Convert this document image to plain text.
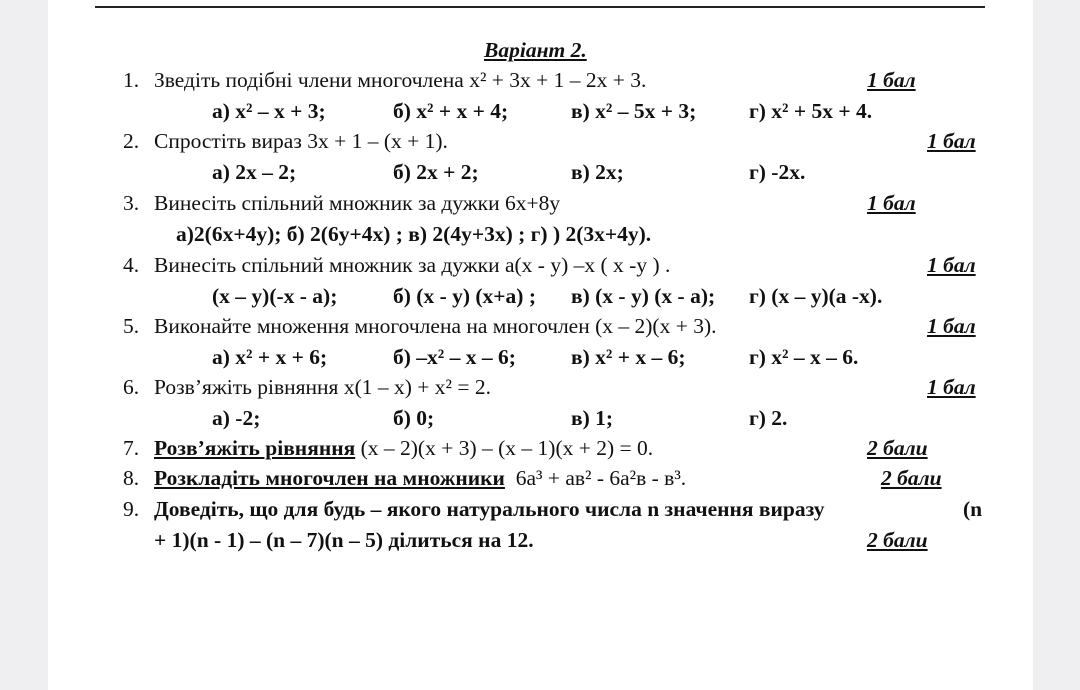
Варіант 2.
1. Зведіть подібні члени многочлена x² + 3x + 1 – 2x + 3.	1 бал
а) x² – x + 3;	б) x² + x + 4;	в) x² – 5x + 3; г) x² + 5x + 4.
2. Спростіть вираз 3x + 1 – (x + 1).	1 бал
а) 2x – 2;	б) 2x + 2;	в) 2x;	г) -2x.
3. Винесіть спільний множник за дужки 6х+8у	1 бал
а)2(6х+4у); б) 2(6у+4х) ; в) 2(4у+3х) ; г) ) 2(3х+4у).
4. Винесіть спільний множник за дужки а(х - у) –х ( х -у ) .	1 бал
(х – у)(-х - а);	б) (х - у) (х+а) ; в) (х - у) (х - а); г) (х – у)(а -х).
5. Виконайте множення многочлена на многочлен (x – 2)(x + 3).	1 бал
а) x² + x + 6;	б) –x² – x – 6;	в) x² + x – 6;	г) x² – x – 6.
6. Розв’яжіть рівняння x(1 – x) + x² = 2.	1 бал
а) -2;	б) 0;	в) 1;	г) 2.
7. Розв’яжіть рівняння (x – 2)(x + 3) – (x – 1)(x + 2) = 0.	2 бали
8. Розкладіть многочлен на множники 6а³ + ав² - 6а²в - в³.	2 бали
9. Доведіть, що для будь – якого натурального числа n значення виразу	(n
+ 1)(n - 1) – (n – 7)(n – 5) ділиться на 12.	2 бали
